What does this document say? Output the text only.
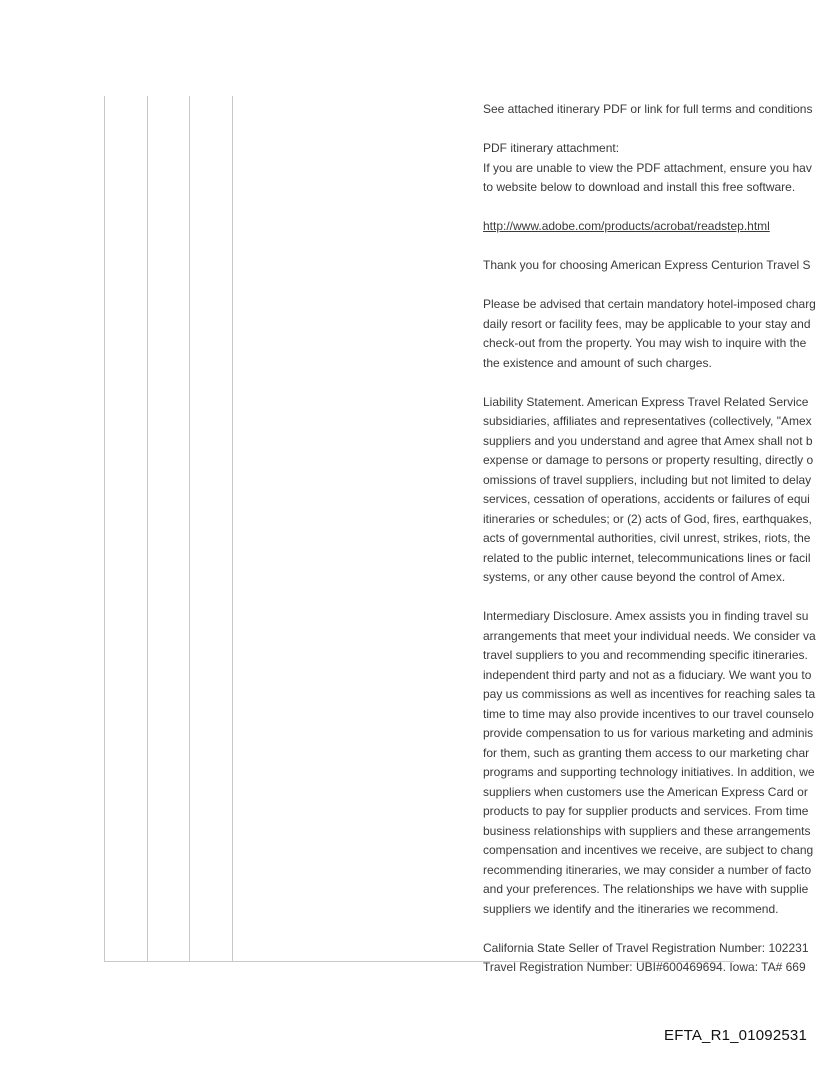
See attached itinerary PDF or link for full terms and conditions
PDF itinerary attachment:
If you are unable to view the PDF attachment, ensure you hav
to website below to download and install this free software.
http://www.adobe.com/products/acrobat/readstep.html
Thank you for choosing American Express Centurion Travel S
Please be advised that certain mandatory hotel-imposed charg
daily resort or facility fees, may be applicable to your stay and
check-out from the property. You may wish to inquire with the
the existence and amount of such charges.
Liability Statement. American Express Travel Related Service
subsidiaries, affiliates and representatives (collectively, "Amex
suppliers and you understand and agree that Amex shall not b
expense or damage to persons or property resulting, directly o
omissions of travel suppliers, including but not limited to delay
services, cessation of operations, accidents or failures of equi
itineraries or schedules; or (2) acts of God, fires, earthquakes,
acts of governmental authorities, civil unrest, strikes, riots, the
related to the public internet, telecommunications lines or facil
systems, or any other cause beyond the control of Amex.
Intermediary Disclosure. Amex assists you in finding travel su
arrangements that meet your individual needs. We consider va
travel suppliers to you and recommending specific itineraries.
independent third party and not as a fiduciary. We want you to
pay us commissions as well as incentives for reaching sales ta
time to time may also provide incentives to our travel counselo
provide compensation to us for various marketing and adminis
for them, such as granting them access to our marketing char
programs and supporting technology initiatives. In addition, we
suppliers when customers use the American Express Card or
products to pay for supplier products and services. From time
business relationships with suppliers and these arrangements
compensation and incentives we receive, are subject to chang
recommending itineraries, we may consider a number of facto
and your preferences. The relationships we have with supplie
suppliers we identify and the itineraries we recommend.
California State Seller of Travel Registration Number: 102231
Travel Registration Number: UBI#600469694. Iowa: TA# 669
EFTA_R1_01092531
